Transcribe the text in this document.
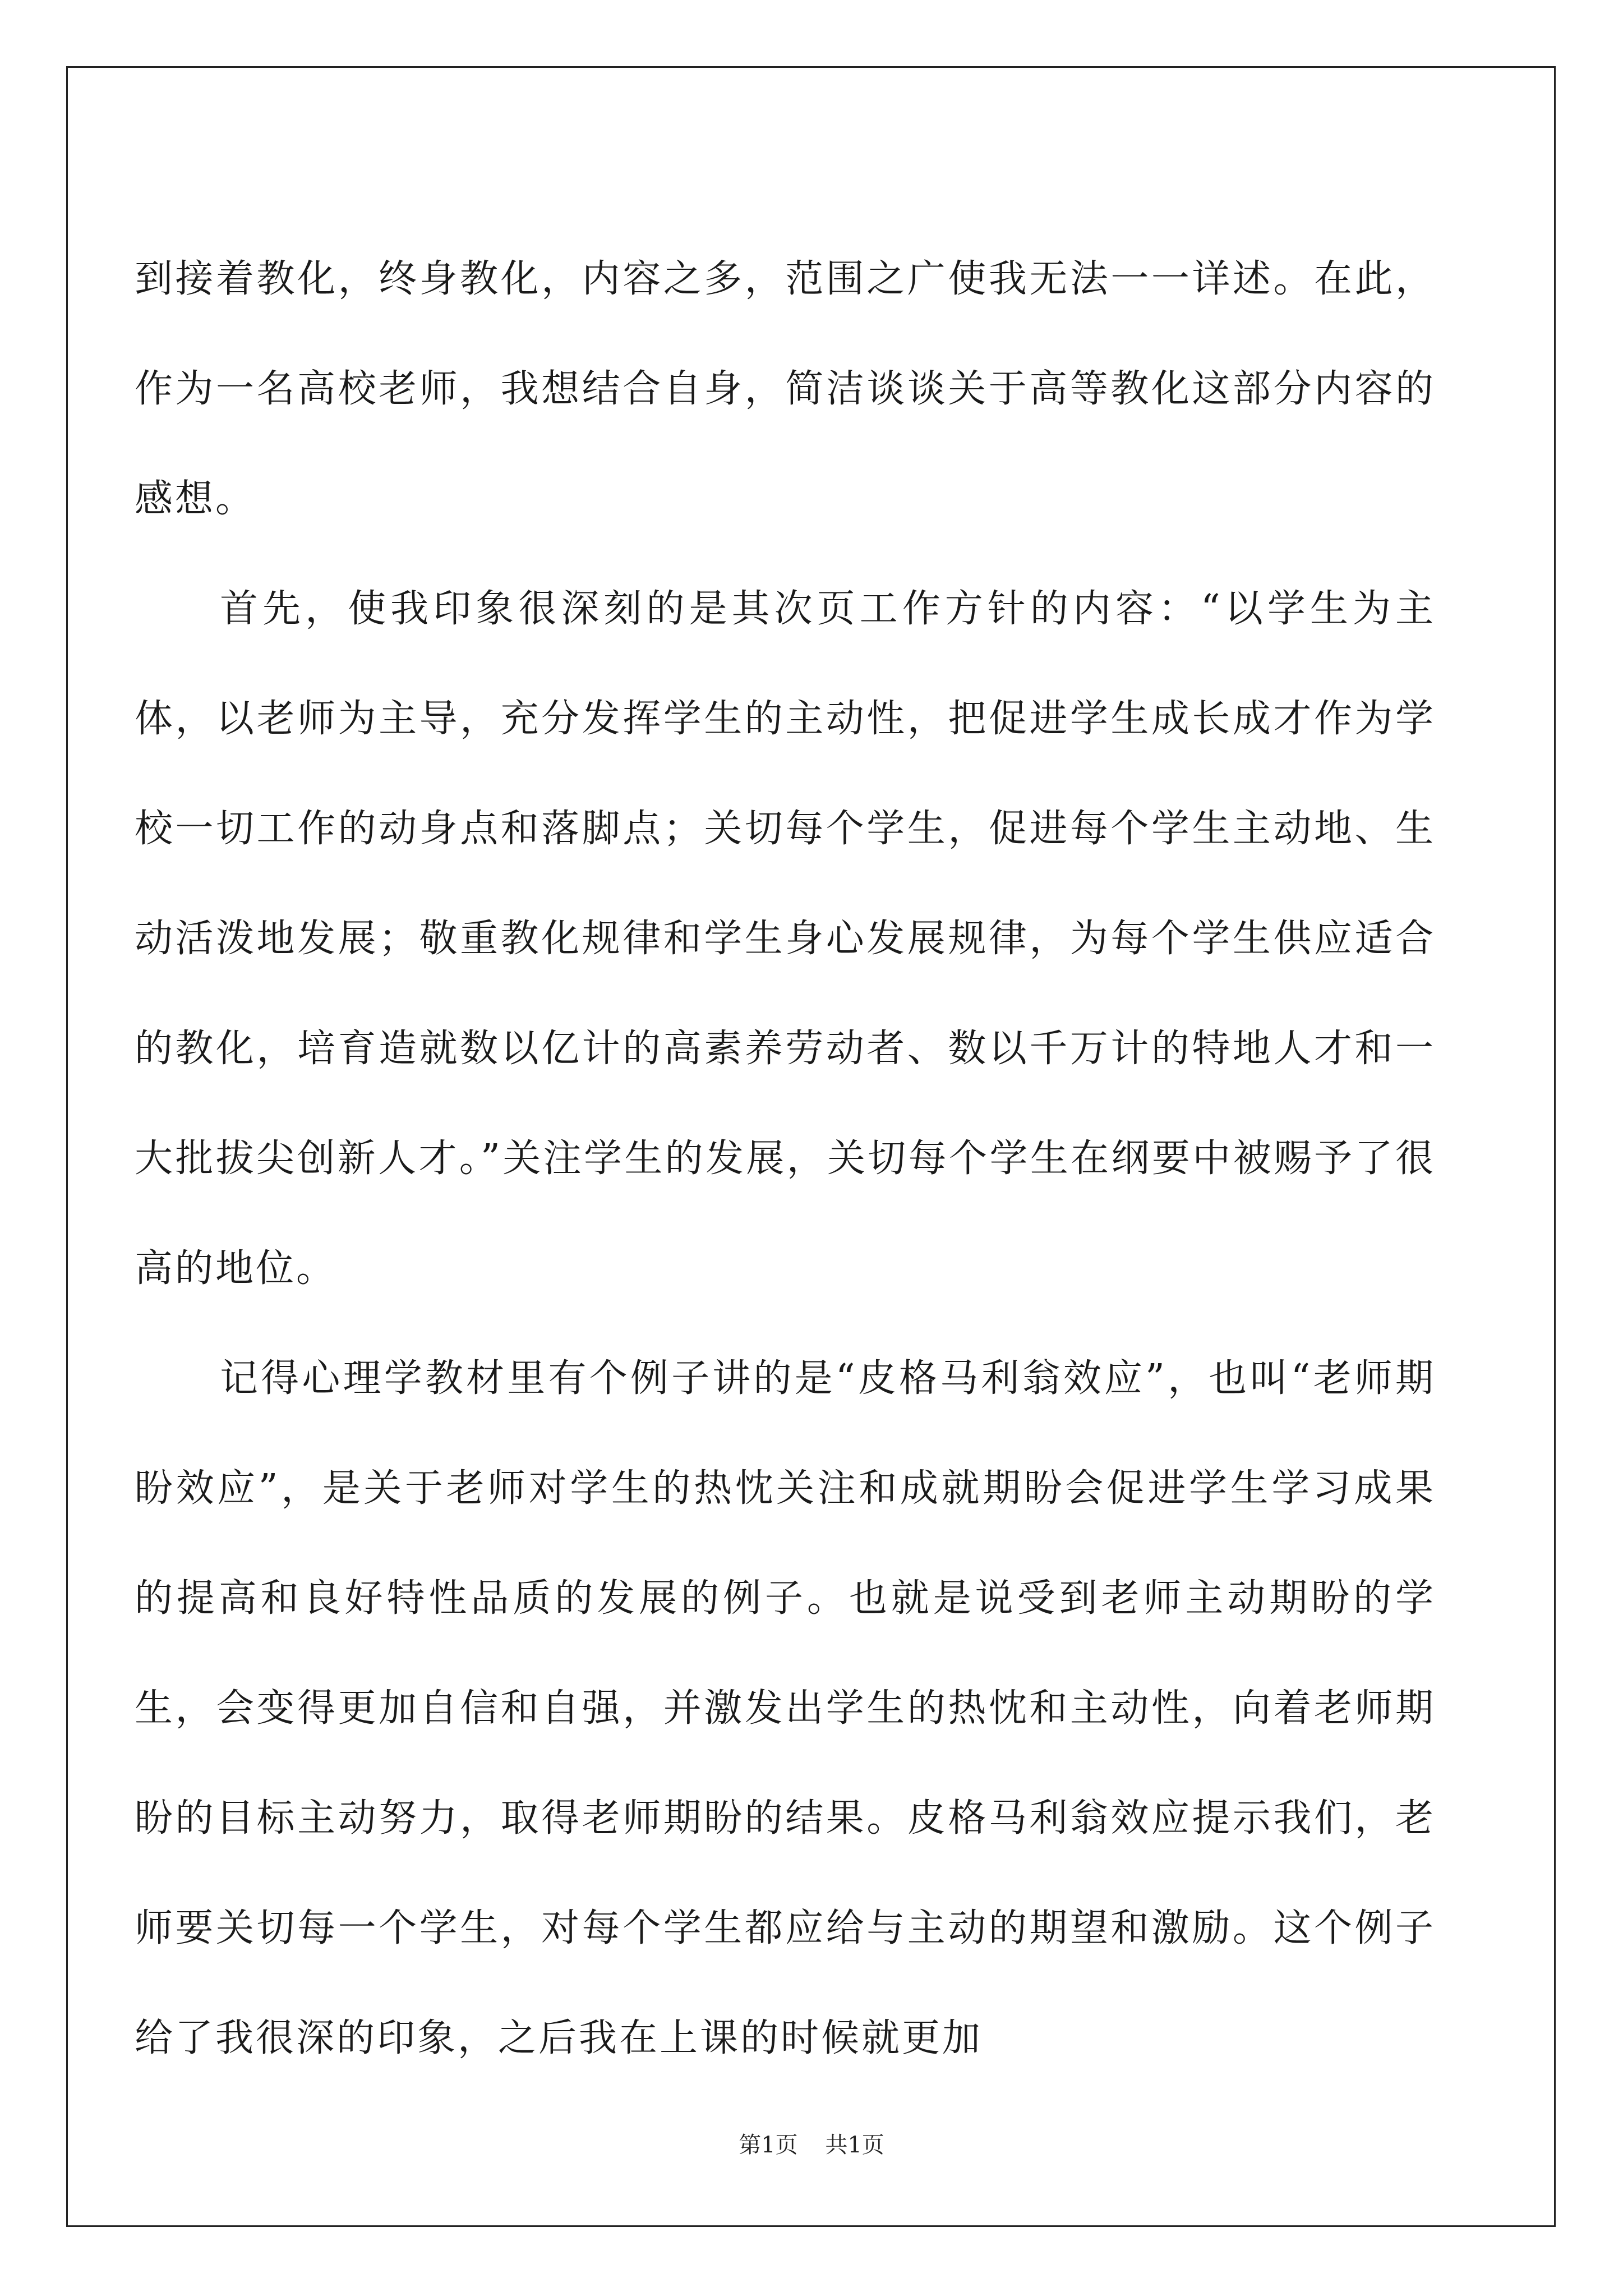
到接着教化，终身教化，内容之多，范围之广使我无法一一详述。在此，作为一名高校老师，我想结合自身，简洁谈谈关于高等教化这部分内容的感想。

首先，使我印象很深刻的是其次页工作方针的内容：“以学生为主体，以老师为主导，充分发挥学生的主动性，把促进学生成长成才作为学校一切工作的动身点和落脚点；关切每个学生，促进每个学生主动地、生动活泼地发展；敬重教化规律和学生身心发展规律，为每个学生供应适合的教化，培育造就数以亿计的高素养劳动者、数以千万计的特地人才和一大批拔尖创新人才。”关注学生的发展，关切每个学生在纲要中被赐予了很高的地位。

记得心理学教材里有个例子讲的是“皮格马利翁效应”，也叫“老师期盼效应”，是关于老师对学生的热忱关注和成就期盼会促进学生学习成果的提高和良好特性品质的发展的例子。也就是说受到老师主动期盼的学生，会变得更加自信和自强，并激发出学生的热忱和主动性，向着老师期盼的目标主动努力，取得老师期盼的结果。皮格马利翁效应提示我们，老师要关切每一个学生，对每个学生都应给与主动的期望和激励。这个例子给了我很深的印象，之后我在上课的时候就更加

第1页 共1页
